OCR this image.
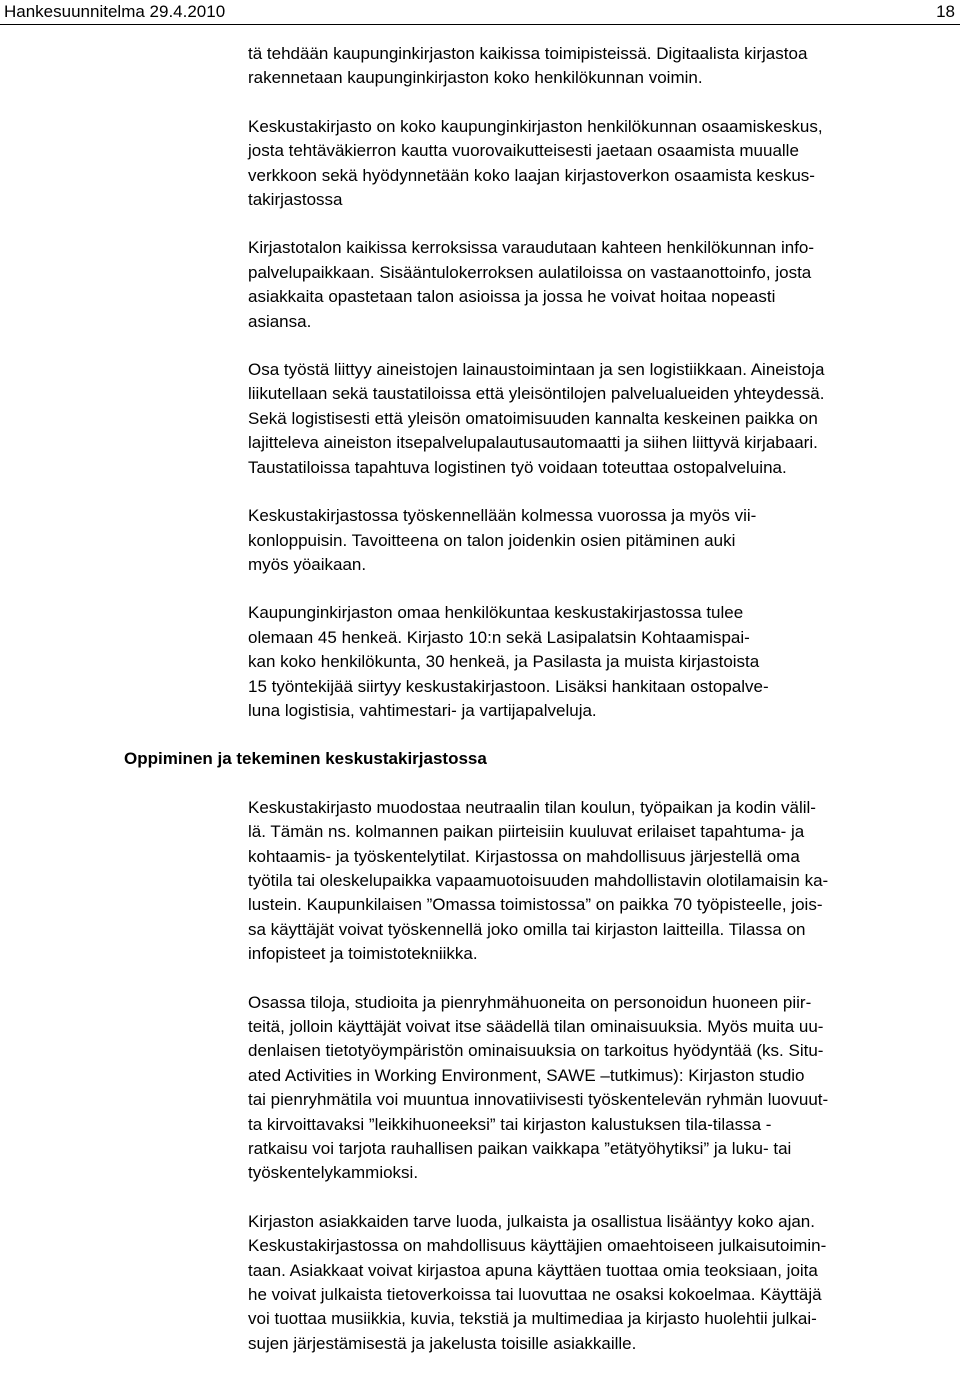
Hankesuunnitelma 29.4.2010	18
tä tehdään kaupunginkirjaston kaikissa toimipisteissä. Digitaalista kirjastoa
rakennetaan kaupunginkirjaston koko henkilökunnan voimin.
Keskustakirjasto on koko kaupunginkirjaston henkilökunnan osaamiskeskus,
josta tehtäväkierron kautta vuorovaikutteisesti jaetaan osaamista muualle
verkkoon sekä hyödynnetään koko laajan kirjastoverkon osaamista keskus-
takirjastossa
Kirjastotalon kaikissa kerroksissa varaudutaan kahteen henkilökunnan info-
palvelupaikkaan. Sisääntulokerroksen aulatiloissa on vastaanottoinfo, josta
asiakkaita opastetaan talon asioissa ja jossa he voivat hoitaa nopeasti
asiansa.
Osa työstä liittyy aineistojen lainaustoimintaan ja sen logistiikkaan. Aineistoja
liikutellaan sekä taustatiloissa että yleisöntilojen palvelualueiden yhteydessä.
Sekä logistisesti että yleisön omatoimisuuden kannalta keskeinen paikka on
lajitteleva aineiston itsepalvelupalautusautomaatti ja siihen liittyvä kirjabaari.
Taustatiloissa tapahtuva logistinen työ voidaan toteuttaa ostopalveluina.
Keskustakirjastossa työskennellään kolmessa vuorossa ja myös vii-
konloppuisin. Tavoitteena on talon joidenkin osien pitäminen auki
myös yöaikaan.
Kaupunginkirjaston omaa henkilökuntaa keskustakirjastossa tulee
olemaan 45 henkeä. Kirjasto 10:n sekä Lasipalatsin Kohtaamispai-
kan koko henkilökunta, 30 henkeä, ja Pasilasta ja muista kirjastoista
15 työntekijää siirtyy keskustakirjastoon. Lisäksi hankitaan ostopalve-
luna logistisia, vahtimestari- ja vartijapalveluja.
Oppiminen ja tekeminen keskustakirjastossa
Keskustakirjasto muodostaa neutraalin tilan koulun, työpaikan ja kodin välil-
lä. Tämän ns. kolmannen paikan piirteisiin kuuluvat erilaiset tapahtuma- ja
kohtaamis- ja työskentelytilat. Kirjastossa on mahdollisuus järjestellä oma
työtila tai oleskelupaikka vapaamuotoisuuden mahdollistavin olotilamaisin ka-
lustein. Kaupunkilaisen ”Omassa toimistossa” on paikka 70 työpisteelle, jois-
sa käyttäjät voivat työskennellä joko omilla tai kirjaston laitteilla. Tilassa on
infopisteet ja toimistotekniikka.
Osassa tiloja, studioita ja pienryhmähuoneita on personoidun huoneen piir-
teitä, jolloin käyttäjät voivat itse säädellä tilan ominaisuuksia. Myös muita uu-
denlaisen tietotyöympäristön ominaisuuksia on tarkoitus hyödyntää (ks. Situ-
ated Activities in Working Environment, SAWE –tutkimus): Kirjaston studio
tai pienryhmätila voi muuntua innovatiivisesti työskentelevän ryhmän luovuut-
ta kirvoittavaksi ”leikkihuoneeksi” tai kirjaston kalustuksen tila-tilassa -
ratkaisu voi tarjota rauhallisen paikan vaikkapa ”etätyöhytiksi” ja luku- tai
työskentelykammioksi.
Kirjaston asiakkaiden tarve luoda, julkaista ja osallistua lisääntyy koko ajan.
Keskustakirjastossa on mahdollisuus käyttäjien omaehtoiseen julkaisutoimin-
taan. Asiakkaat voivat kirjastoa apuna käyttäen tuottaa omia teoksiaan, joita
he voivat julkaista tietoverkoissa tai luovuttaa ne osaksi kokoelmaa. Käyttäjä
voi tuottaa musiikkia, kuvia, tekstiä ja multimediaa ja kirjasto huolehtii julkai-
sujen järjestämisestä ja jakelusta toisille asiakkaille.
